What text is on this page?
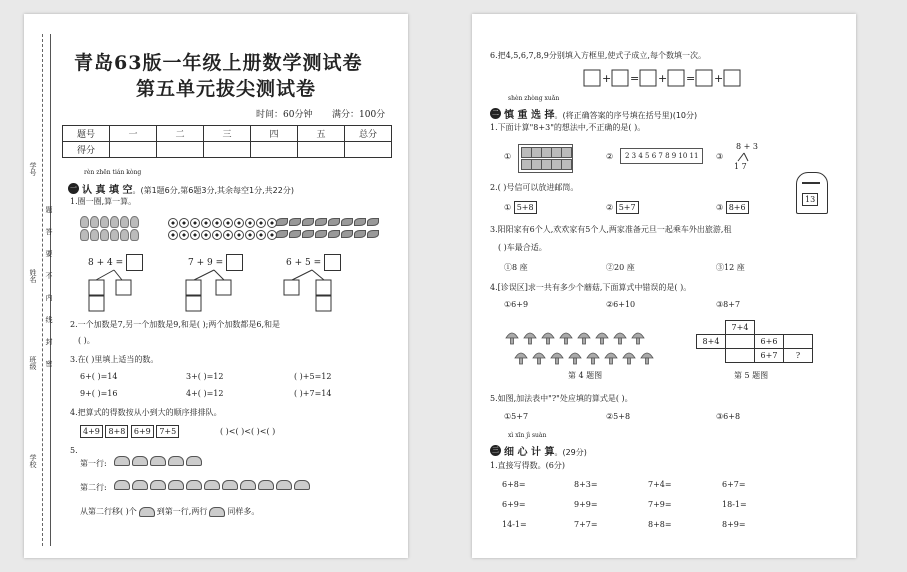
学号
姓名
班级
学校
题
答
要
不
内
线
封
密
青岛63版一年级上册数学测试卷
第五单元拔尖测试卷
时间：60分钟 满分：100分
题号	一	二	三	四	五	总分
得分						
rèn zhēn tián kòng
一 认 真 填 空。(第1题6分,第6题3分,其余每空1分,共22分)
1.圈一圈,算一算。
8 + 4 =	7 + 9 =	6 + 5 =
2.一个加数是7,另一个加数是9,和是( );两个加数都是6,和是
( )。
3.在( )里填上适当的数。
6+( )=14	3+( )=12	( )+5=12
9+( )=16	4+( )=12	( )+7=14
4.把算式的得数按从小到大的顺序排排队。
4+9 8+8 6+9 7+5	( )<( )<( )<( )
5.
第一行:
第二行:
从第二行移( )个	到第一行,两行	同样多。
6.把4,5,6,7,8,9分别填入方框里,使式子成立,每个数填一次。
+ = + = +
shèn zhòng xuǎn
二 慎 重 选 择。(将正确答案的序号填在括号里)(10分)
1.下面计算"8+3"的想法中,不正确的是( )。
①	②	2 3 4 5 6 7 8 9 10 11	③
8 + 3
1 7
2.( )号信可以放进邮筒。
① 5+8	② 5+7	③ 8+6
13
3.阳阳家有6个人,欢欢家有5个人,两家准备元旦一起乘车外出旅游,租
( )车最合适。
①8 座	②20 座	③12 座
4.[诊误区]求一共有多少个蘑菇,下面算式中错误的是( )。
①6+9	②6+10	③8+7
第 4 题图
	7+4		
8+4		6+6	
		6+7	?
第 5 题图
5.如图,加法表中"?"处应填的算式是( )。
①5+7	②5+8	③6+8
xì xīn jì suàn
三 细 心 计 算。(29分)
1.直接写得数。(6分)
6+8=	8+3=	7+4=	6+7=
6+9=	9+9=	7+9=	18-1=
14-1=	7+7=	8+8=	8+9=
